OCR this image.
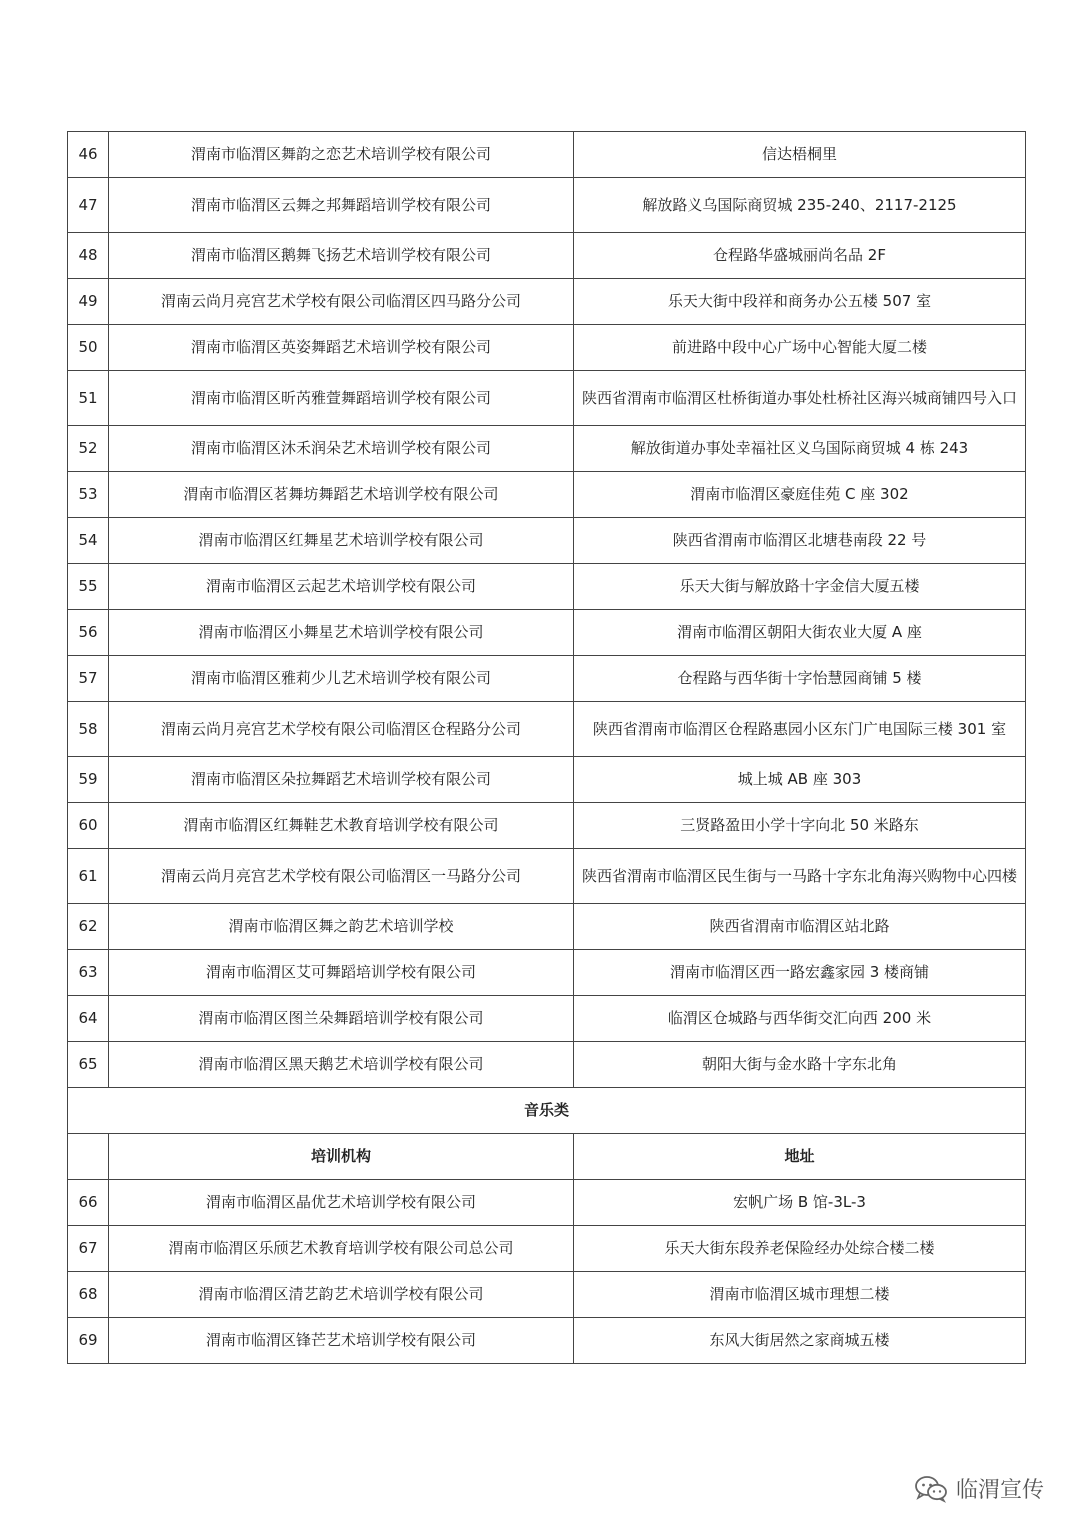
46	渭南市临渭区舞韵之恋艺术培训学校有限公司	信达梧桐里
47	渭南市临渭区云舞之邦舞蹈培训学校有限公司	解放路义乌国际商贸城 235-240、2117-2125
48	渭南市临渭区鹅舞飞扬艺术培训学校有限公司	仓程路华盛城丽尚名品 2F
49	渭南云尚月亮宫艺术学校有限公司临渭区四马路分公司	乐天大街中段祥和商务办公五楼 507 室
50	渭南市临渭区英姿舞蹈艺术培训学校有限公司	前进路中段中心广场中心智能大厦二楼
51	渭南市临渭区昕芮雅萱舞蹈培训学校有限公司	陕西省渭南市临渭区杜桥街道办事处杜桥社区海兴城商铺四号入口
52	渭南市临渭区沐禾润朵艺术培训学校有限公司	解放街道办事处幸福社区义乌国际商贸城 4 栋 243
53	渭南市临渭区茗舞坊舞蹈艺术培训学校有限公司	渭南市临渭区豪庭佳苑 C 座 302
54	渭南市临渭区红舞星艺术培训学校有限公司	陕西省渭南市临渭区北塘巷南段 22 号
55	渭南市临渭区云起艺术培训学校有限公司	乐天大街与解放路十字金信大厦五楼
56	渭南市临渭区小舞星艺术培训学校有限公司	渭南市临渭区朝阳大街农业大厦 A 座
57	渭南市临渭区雅莉少儿艺术培训学校有限公司	仓程路与西华街十字怡慧园商铺 5 楼
58	渭南云尚月亮宫艺术学校有限公司临渭区仓程路分公司	陕西省渭南市临渭区仓程路惠园小区东门广电国际三楼 301 室
59	渭南市临渭区朵拉舞蹈艺术培训学校有限公司	城上城 AB 座 303
60	渭南市临渭区红舞鞋艺术教育培训学校有限公司	三贤路盈田小学十字向北 50 米路东
61	渭南云尚月亮宫艺术学校有限公司临渭区一马路分公司	陕西省渭南市临渭区民生街与一马路十字东北角海兴购物中心四楼
62	渭南市临渭区舞之韵艺术培训学校	陕西省渭南市临渭区站北路
63	渭南市临渭区艾可舞蹈培训学校有限公司	渭南市临渭区西一路宏鑫家园 3 楼商铺
64	渭南市临渭区图兰朵舞蹈培训学校有限公司	临渭区仓城路与西华街交汇向西 200 米
65	渭南市临渭区黑天鹅艺术培训学校有限公司	朝阳大街与金水路十字东北角
音乐类		
	培训机构	地址
66	渭南市临渭区晶优艺术培训学校有限公司	宏帆广场 B 馆-3L-3
67	渭南市临渭区乐颀艺术教育培训学校有限公司总公司	乐天大街东段养老保险经办处综合楼二楼
68	渭南市临渭区清艺韵艺术培训学校有限公司	渭南市临渭区城市理想二楼
69	渭南市临渭区锋芒艺术培训学校有限公司	东风大街居然之家商城五楼
临渭宣传
